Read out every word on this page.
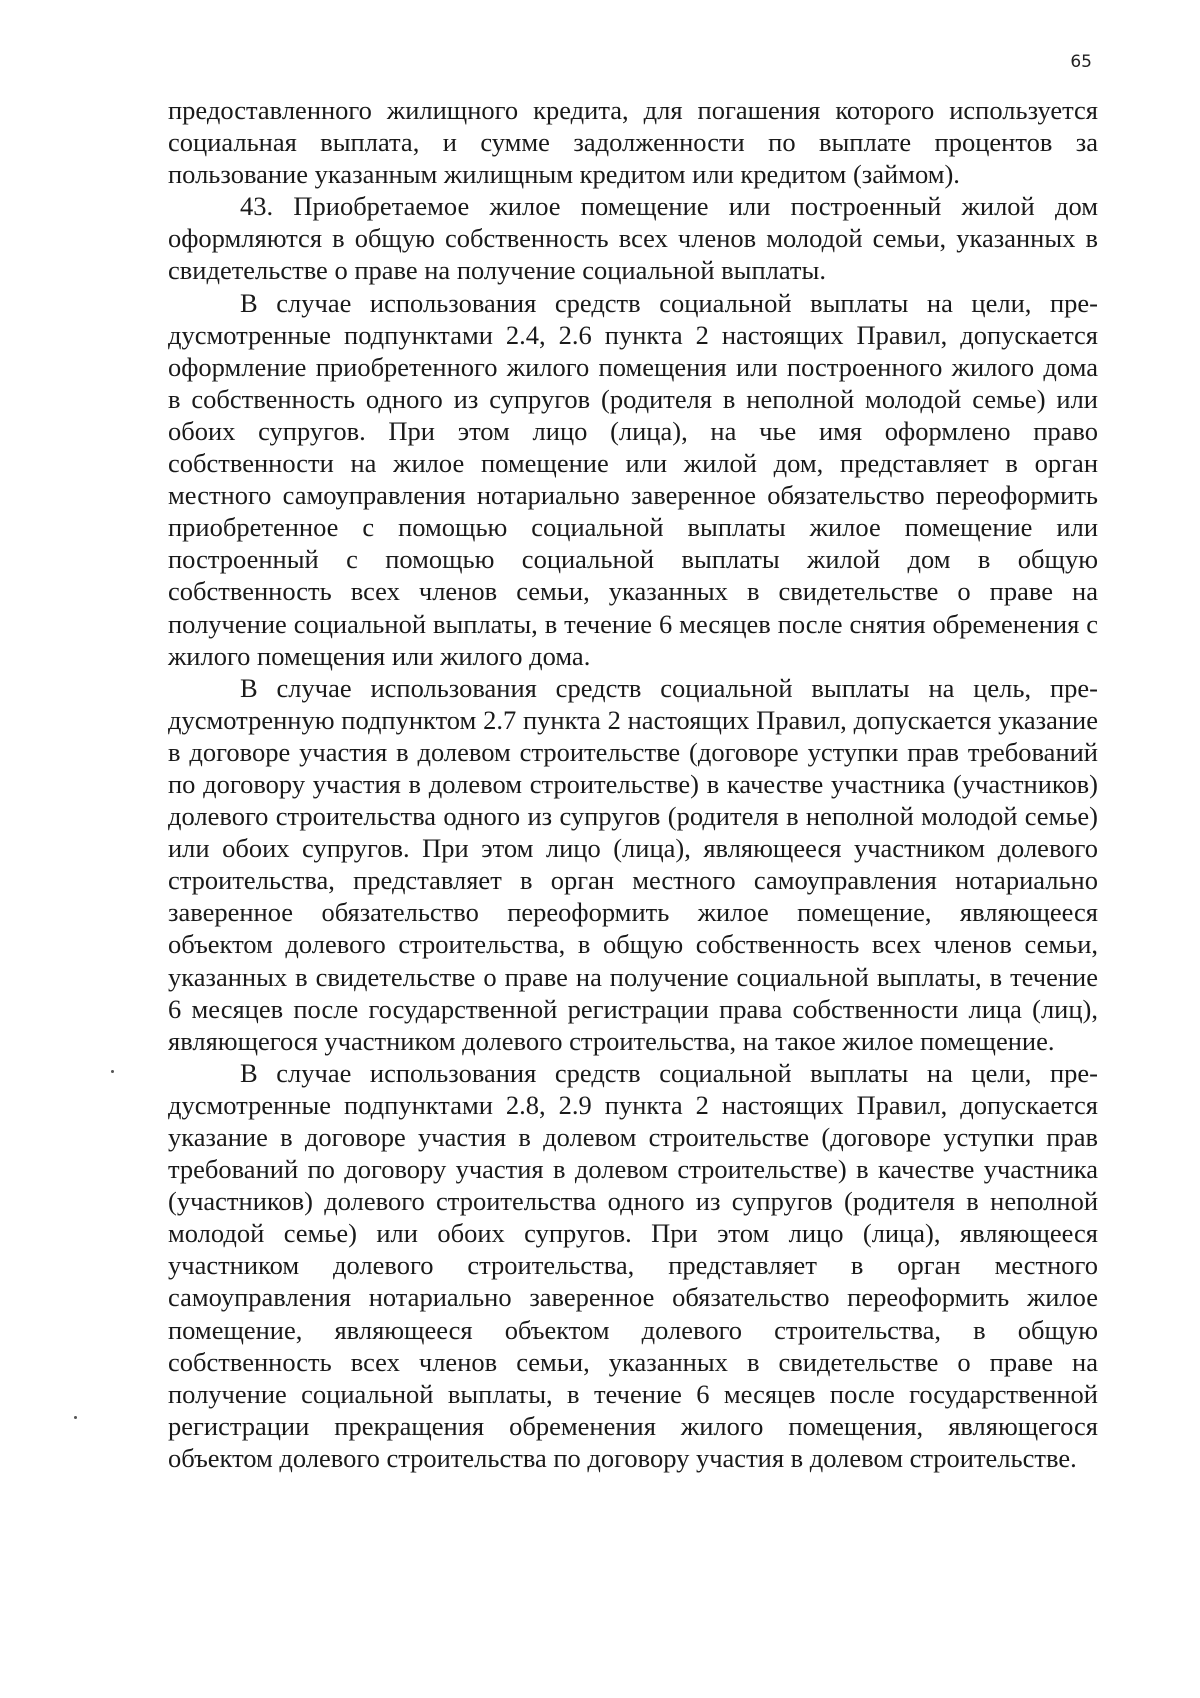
65

предоставленного жилищного кредита, для погашения которого используется социальная выплата, и сумме задолженности по выплате процентов за пользование указанным жилищным кредитом или кредитом (займом).

43. Приобретаемое жилое помещение или построенный жилой дом оформляются в общую собственность всех членов молодой семьи, указанных в свидетельстве о праве на получение социальной выплаты.

В случае использования средств социальной выплаты на цели, предусмотренные подпунктами 2.4, 2.6 пункта 2 настоящих Правил, допускается оформление приобретенного жилого помещения или построенного жилого дома в собственность одного из супругов (родителя в неполной молодой семье) или обоих супругов. При этом лицо (лица), на чье имя оформлено право собственности на жилое помещение или жилой дом, представляет в орган местного самоуправления нотариально заверенное обязательство переоформить приобретенное с помощью социальной выплаты жилое помещение или построенный с помощью социальной выплаты жилой дом в общую собственность всех членов семьи, указанных в свидетельстве о праве на получение социальной выплаты, в течение 6 месяцев после снятия обременения с жилого помещения или жилого дома.

В случае использования средств социальной выплаты на цель, предусмотренную подпунктом 2.7 пункта 2 настоящих Правил, допускается указание в договоре участия в долевом строительстве (договоре уступки прав требований по договору участия в долевом строительстве) в качестве участника (участников) долевого строительства одного из супругов (родителя в неполной молодой семье) или обоих супругов. При этом лицо (лица), являющееся участником долевого строительства, представляет в орган местного самоуправления нотариально заверенное обязательство переоформить жилое помещение, являющееся объектом долевого строительства, в общую собственность всех членов семьи, указанных в свидетельстве о праве на получение социальной выплаты, в течение 6 месяцев после государственной регистрации права собственности лица (лиц), являющегося участником долевого строительства, на такое жилое помещение.

В случае использования средств социальной выплаты на цели, предусмотренные подпунктами 2.8, 2.9 пункта 2 настоящих Правил, допускается указание в договоре участия в долевом строительстве (договоре уступки прав требований по договору участия в долевом строительстве) в качестве участника (участников) долевого строительства одного из супругов (родителя в неполной молодой семье) или обоих супругов. При этом лицо (лица), являющееся участником долевого строительства, представляет в орган местного самоуправления нотариально заверенное обязательство переоформить жилое помещение, являющееся объектом долевого строительства, в общую собственность всех членов семьи, указанных в свидетельстве о праве на получение социальной выплаты, в течение 6 месяцев после государственной регистрации прекращения обременения жилого помещения, являющегося объектом долевого строительства по договору участия в долевом строительстве.
